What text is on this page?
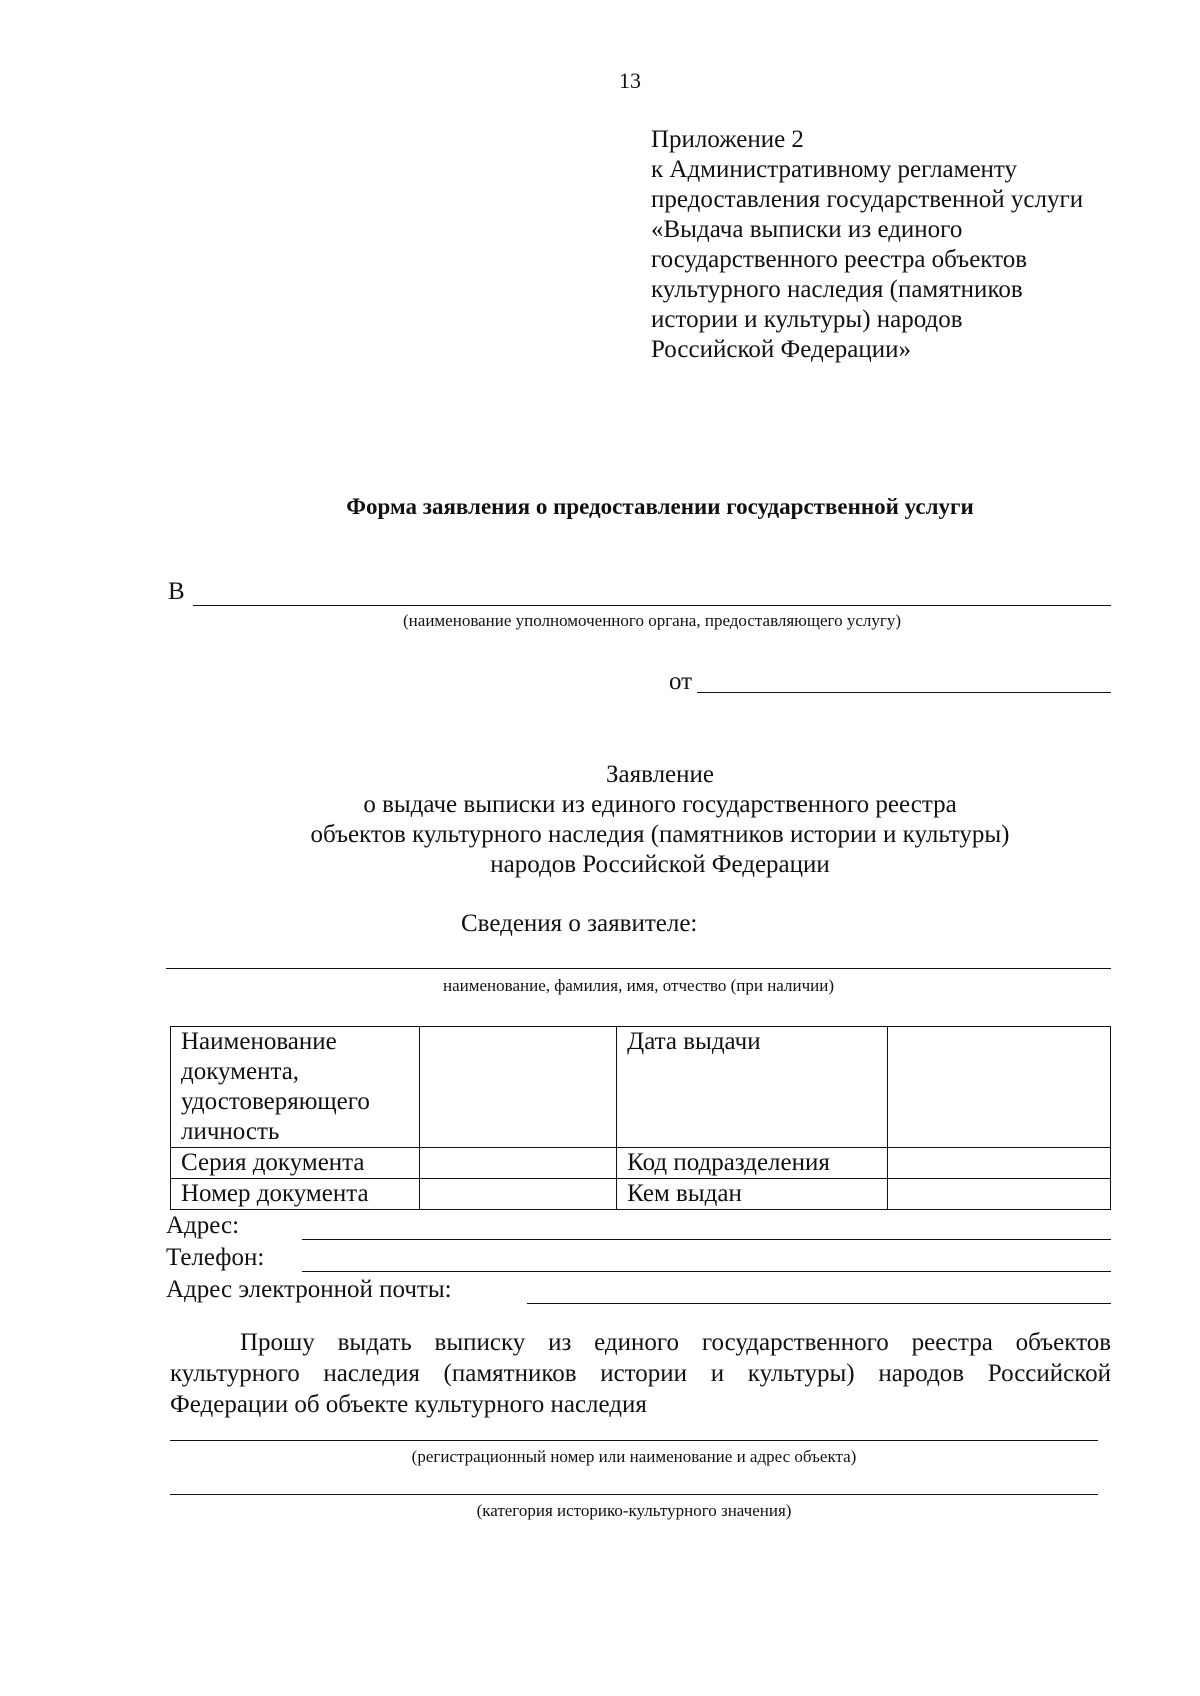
13
Приложение 2
к Административному регламенту
предоставления государственной услуги
«Выдача выписки из единого
государственного реестра объектов
культурного наследия (памятников
истории и культуры) народов
Российской Федерации»
Форма заявления о предоставлении государственной услуги
В
(наименование уполномоченного органа, предоставляющего услугу)
от
Заявление
о выдаче выписки из единого государственного реестра
объектов культурного наследия (памятников истории и культуры)
народов Российской Федерации
Сведения о заявителе:
наименование, фамилия, имя, отчество (при наличии)
Наименование документа, удостоверяющего личность		Дата выдачи	
Серия документа		Код подразделения	
Номер документа		Кем выдан	
Адрес:
Телефон:
Адрес электронной почты:
Прошу выдать выписку из единого государственного реестра объектов
культурного наследия (памятников истории и культуры) народов Российской
Федерации об объекте культурного наследия
(регистрационный номер или наименование и адрес объекта)
(категория историко-культурного значения)
